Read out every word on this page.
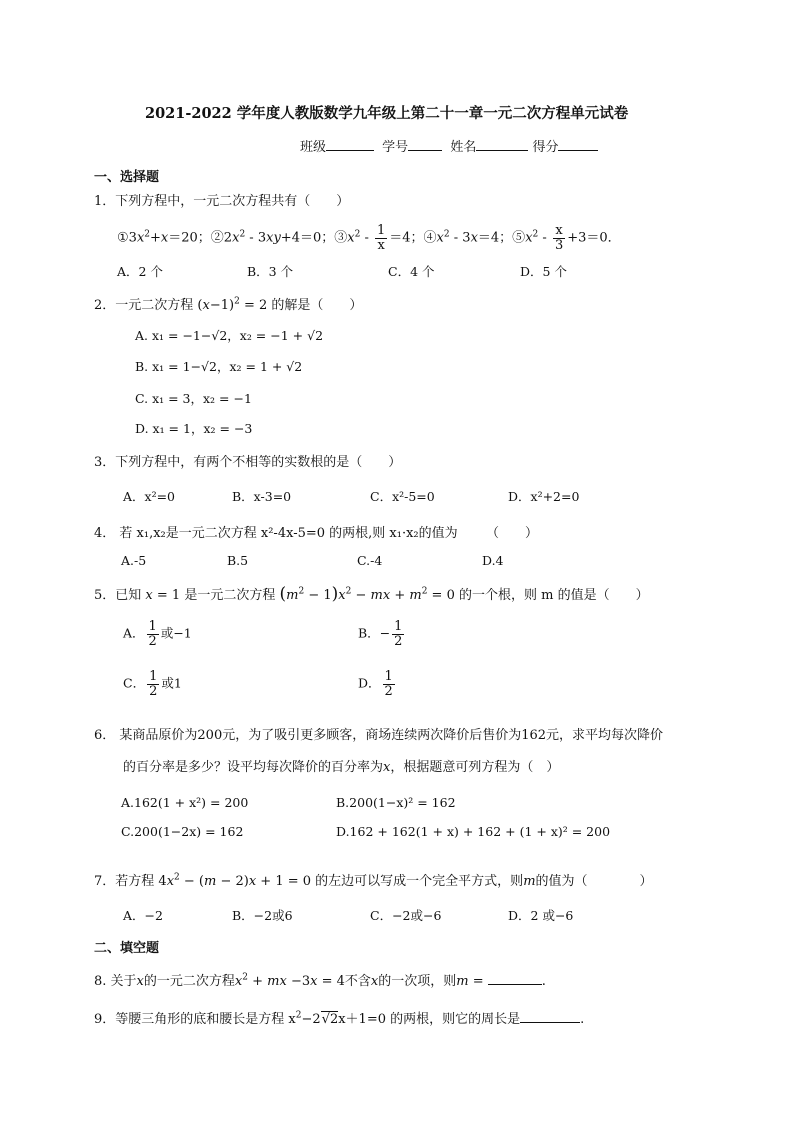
2021-2022 学年度人教版数学九年级上第二十一章一元二次方程单元试卷
班级	学号	姓名	得分
一、选择题
1．下列方程中，一元二次方程共有（　　）
$①3x^2+x=20$；$②2x^2 - 3xy+4=0$；$③x^2 - \frac{1}{x} =4$；$④x^2 - 3x=4$；$⑤x^2 - \frac{x}{3} +3=0$．
A．2 个	B．3 个	C．4 个	D．5 个
2．一元二次方程 $(x-1)^2 = 2$ 的解是（　　）
A. x₁ = −1−√2，x₂ = −1 + √2
B. x₁ = 1−√2，x₂ = 1 + √2
C. x₁ = 3，x₂ = −1
D. x₁ = 1，x₂ = −3
3．下列方程中，有两个不相等的实数根的是（　　）
A．x²=0	B．x-3=0	C．x²-5=0	D．x²+2=0
4． 若 x₁,x₂是一元二次方程 x²-4x-5=0 的两根,则 x₁·x₂的值为 （　　）
A.-5	B.5	C.-4	D.4
5．已知 x = 1 是一元二次方程 $(m^2 - 1)x^2$ − mx + $m^2 = 0$ 的一个根，则 m 的值是（　　）
A． $\frac{1}{2}$ 或−1	B．− $\frac{1}{2}$
C． $\frac{1}{2}$ 或1	D． $\frac{1}{2}$
6． 某商品原价为200元，为了吸引更多顾客，商场连续两次降价后售价为162元，求平均每次降价
的百分率是多少？设平均每次降价的百分率为x，根据题意可列方程为（　）
A.162(1 + x²) = 200	B.200(1−x)² = 162
C.200(1−2x) = 162	D.162 + 162(1 + x) + 162 + (1 + x)² = 200
7．若方程 $4x^2 - (m - 2)x + 1 = 0$ 的左边可以写成一个完全平方式，则m的值为（　　　　）
A．−2	B．−2或6	C．−2或−6	D．2 或−6
二、填空题
8. 关于x的一元二次方程$x^2$ + mx −3x = 4不含x的一次项，则m =	.
9．等腰三角形的底和腰长是方程 $x^2-2√2x+1=0$ 的两根，则它的周长是	.
